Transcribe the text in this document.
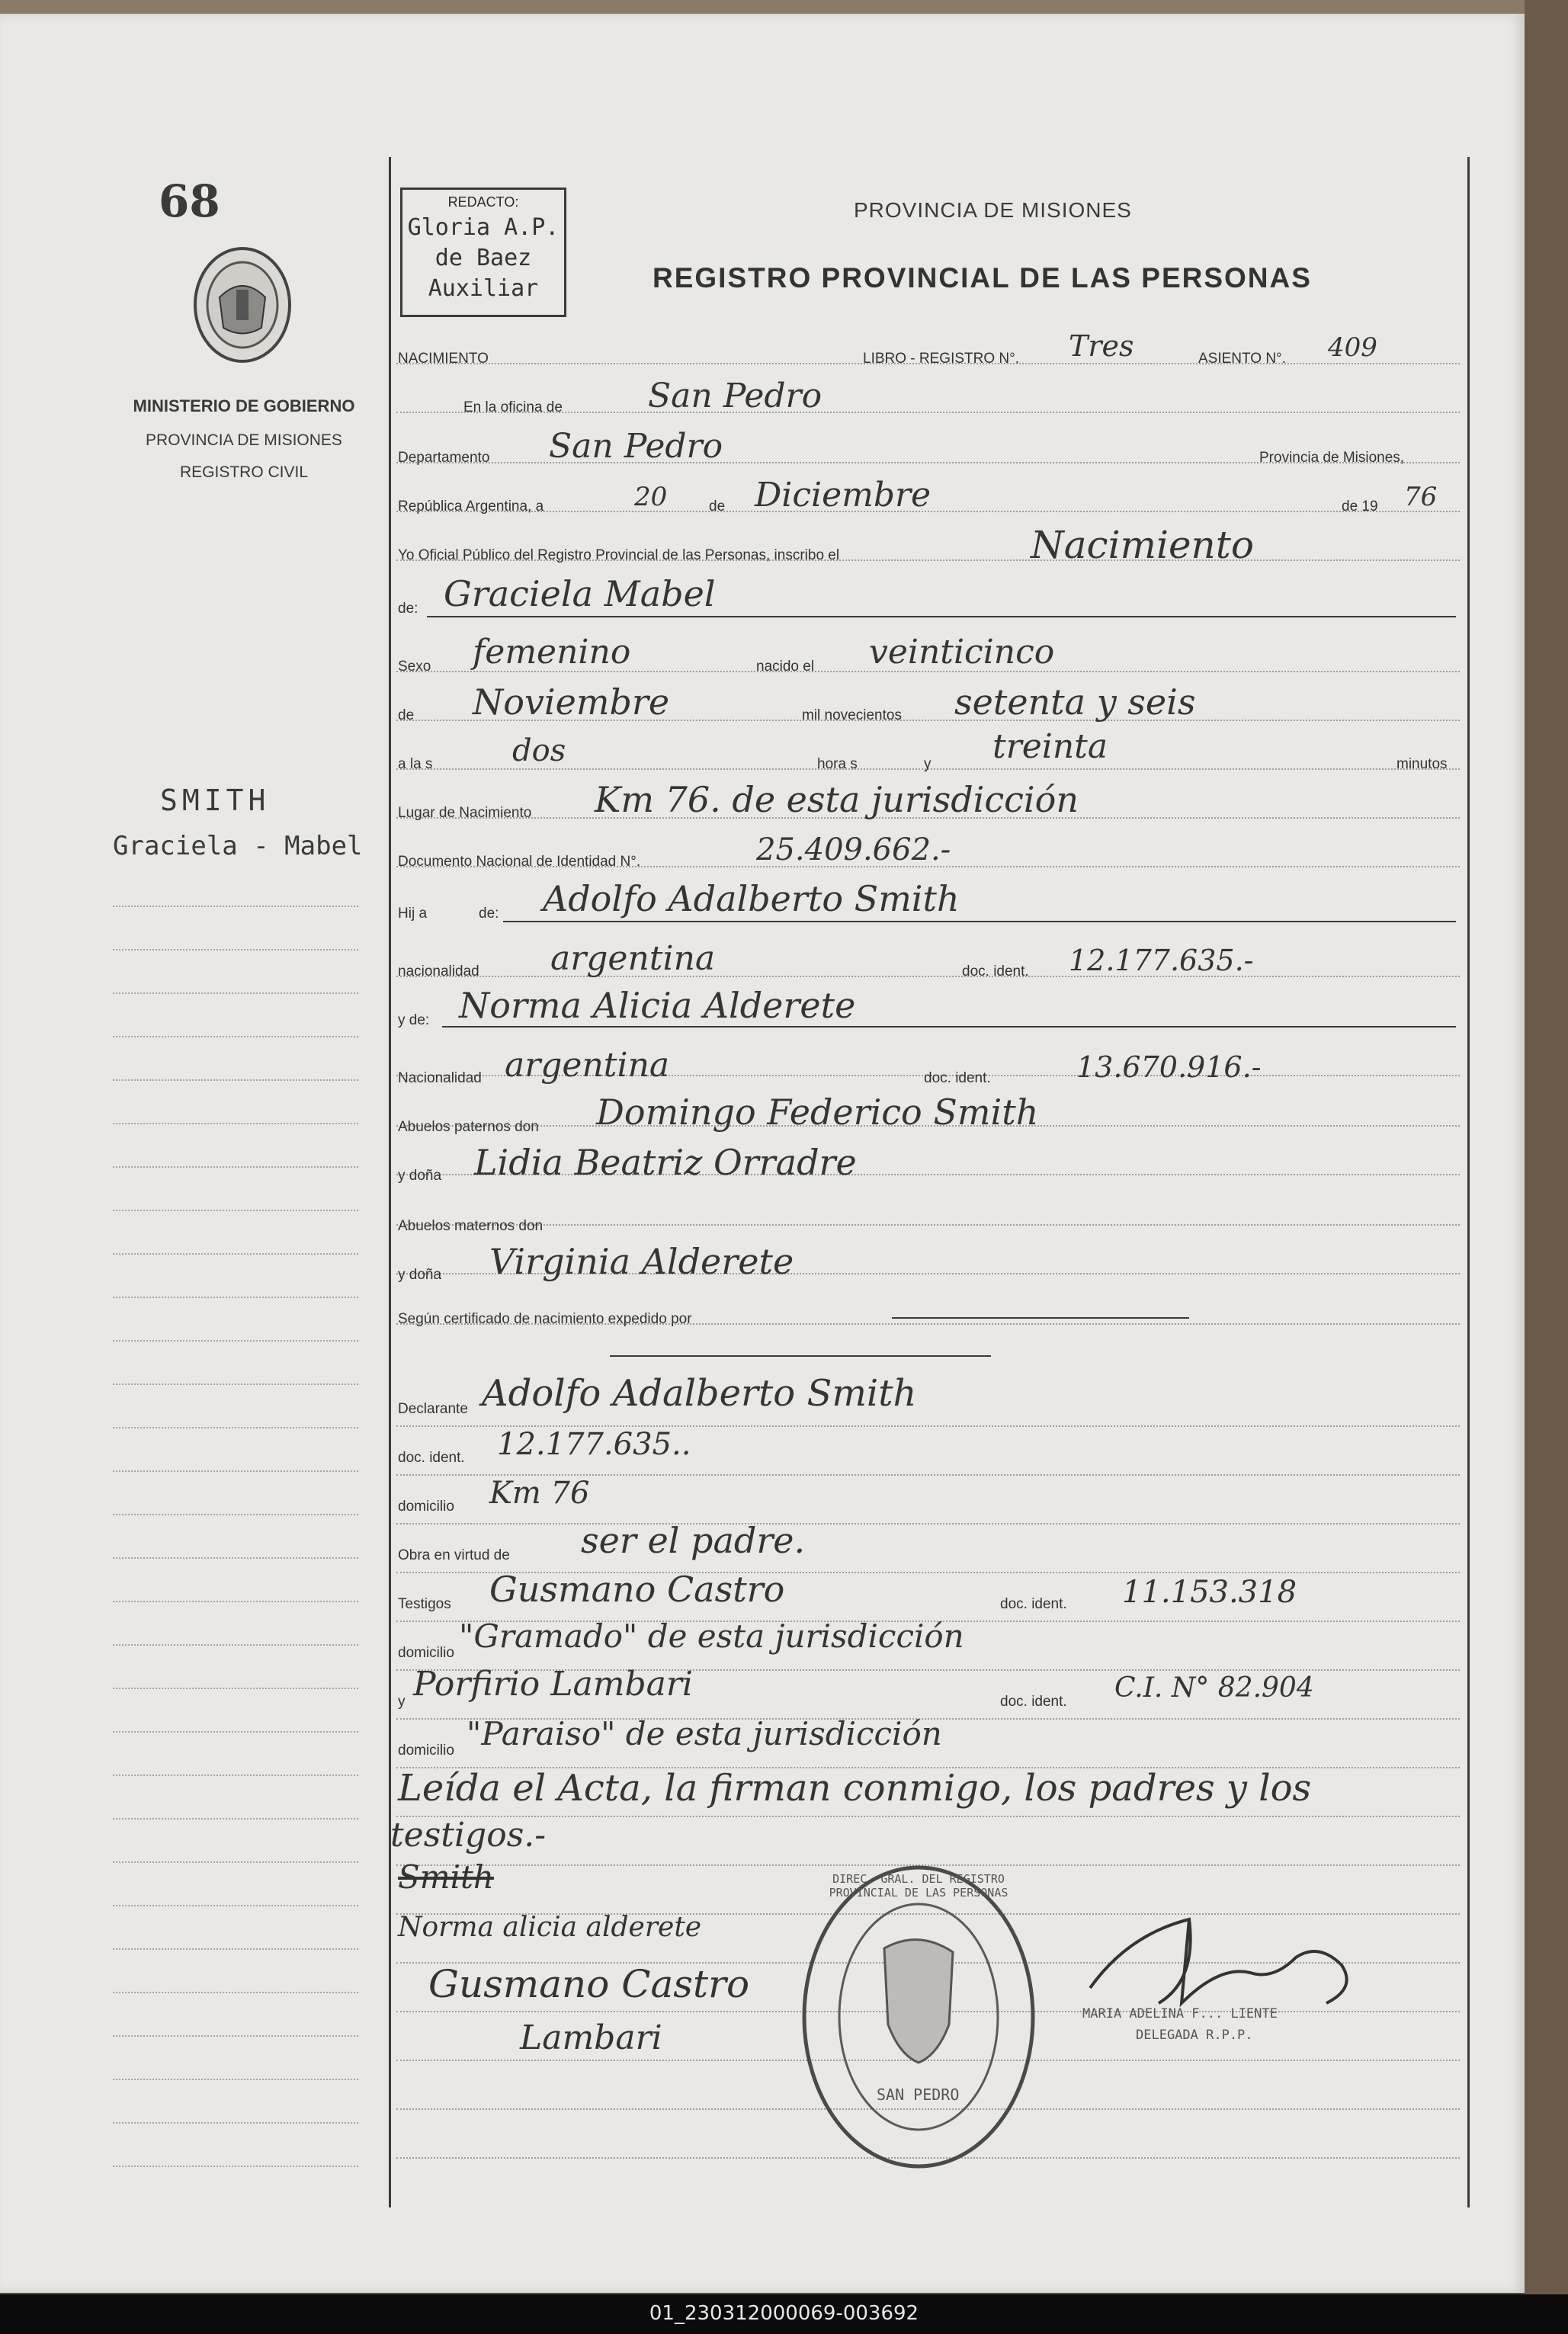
68
MINISTERIO DE GOBIERNO
PROVINCIA DE MISIONES
REGISTRO CIVIL
SMITH
Graciela - Mabel
REDACTO:
Gloria A.P.
de Baez
Auxiliar
PROVINCIA DE MISIONES
REGISTRO PROVINCIAL DE LAS PERSONAS
NACIMIENTO	LIBRO - REGISTRO N°. Tres	ASIENTO N°. 409
En la oficina de	San Pedro
Departamento San Pedro	Provincia de Misiones,
República Argentina, a	20	de Diciembre	de 19 76
Yo Oficial Público del Registro Provincial de las Personas, inscribo el	Nacimiento
de: Graciela Mabel
Sexo femenino	nacido el veinticinco
de Noviembre	mil novecientos setenta y seis
a la s	dos	hora s	y treinta	minutos
Lugar de Nacimiento Km 76. de esta jurisdicción
Documento Nacional de Identidad N°.	25.409.662.-
Hij a	de: Adolfo Adalberto Smith
nacionalidad argentina	doc. ident. 12.177.635.-
y de: Norma Alicia Alderete
Nacionalidad argentina	doc. ident.	13.670.916.-
Abuelos paternos don Domingo Federico Smith
y doña Lidia Beatriz Orradre
Abuelos maternos don
y doña Virginia Alderete
Según certificado de nacimiento expedido por
Declarante Adolfo Adalberto Smith
doc. ident. 12.177.635..
domicilio Km 76
Obra en virtud de ser el padre.
Testigos Gusmano Castro	doc. ident. 11.153.318
domicilio "Gramado" de esta jurisdicción
y Porfirio Lambari	doc. ident. C.I. N° 82.904
domicilio "Paraiso" de esta jurisdicción
Leída el Acta, la firman conmigo, los padres y los
testigos.-
Smith
Norma alicia alderete
Gusmano Castro
Lambari
DIREC. GRAL. DEL REGISTRO PROVINCIAL DE LAS PERSONAS
SAN PEDRO
MARIA ADELINA F... LIENTE
DELEGADA R.P.P.
01_230312000069-003692
